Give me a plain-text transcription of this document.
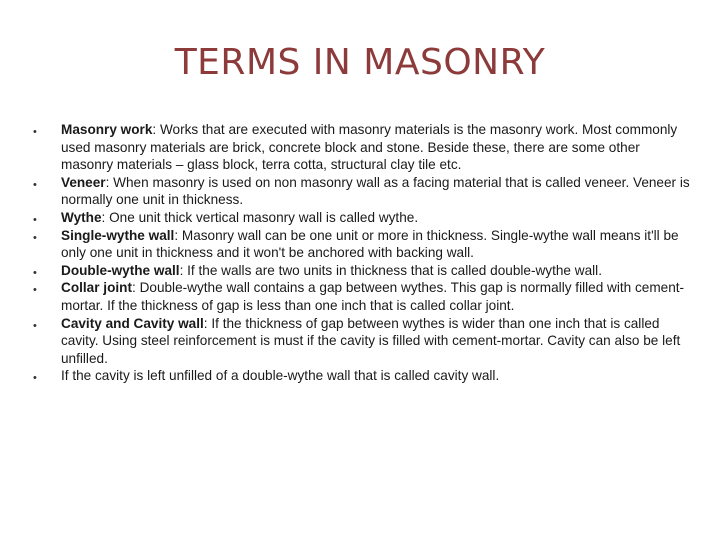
TERMS IN MASONRY
• Masonry work: Works that are executed with masonry materials is the masonry work. Most commonly used masonry materials are brick, concrete block and stone. Beside these, there are some other masonry materials – glass block, terra cotta, structural clay tile etc.
• Veneer: When masonry is used on non masonry wall as a facing material that is called veneer. Veneer is normally one unit in thickness.
• Wythe: One unit thick vertical masonry wall is called wythe.
• Single-wythe wall: Masonry wall can be one unit or more in thickness. Single-wythe wall means it'll be only one unit in thickness and it won't be anchored with backing wall.
• Double-wythe wall: If the walls are two units in thickness that is called double-wythe wall.
• Collar joint: Double-wythe wall contains a gap between wythes. This gap is normally filled with cement-mortar. If the thickness of gap is less than one inch that is called collar joint.
• Cavity and Cavity wall: If the thickness of gap between wythes is wider than one inch that is called cavity. Using steel reinforcement is must if the cavity is filled with cement-mortar. Cavity can also be left unfilled.
• If the cavity is left unfilled of a double-wythe wall that is called cavity wall.
